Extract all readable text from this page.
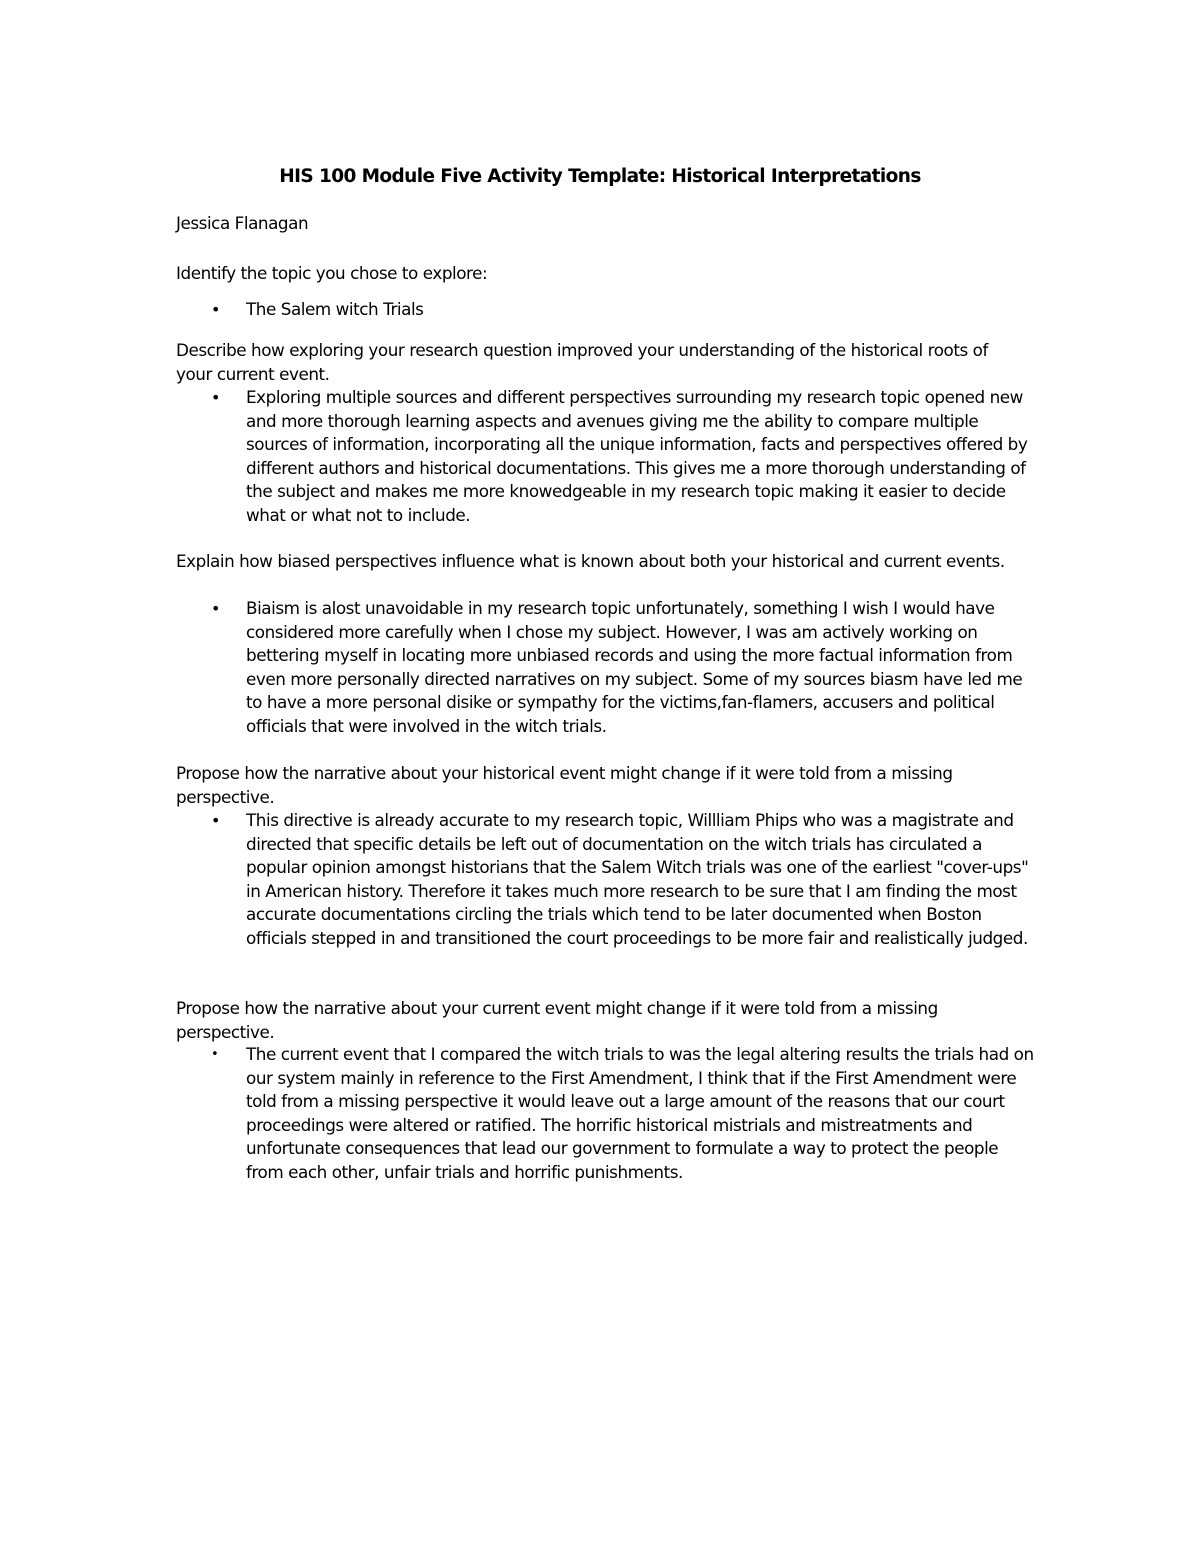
HIS 100 Module Five Activity Template: Historical Interpretations

Jessica Flanagan

Identify the topic you chose to explore:

• The Salem witch Trials

Describe how exploring your research question improved your understanding of the historical roots of your current event.

• Exploring multiple sources and different perspectives surrounding my research topic opened new and more thorough learning aspects and avenues giving me the ability to compare multiple sources of information, incorporating all the unique information, facts and perspectives offered by different authors and historical documentations. This gives me a more thorough understanding of the subject and makes me more knowedgeable in my research topic making it easier to decide what or what not to include.

Explain how biased perspectives influence what is known about both your historical and current events.

• Biaism is alost unavoidable in my research topic unfortunately, something I wish I would have considered more carefully when I chose my subject. However, I was am actively working on bettering myself in locating more unbiased records and using the more factual information from even more personally directed narratives on my subject. Some of my sources biasm have led me to have a more personal disike or sympathy for the victims,fan-flamers, accusers and political officials that were involved in the witch trials.

Propose how the narrative about your historical event might change if it were told from a missing perspective.

• This directive is already accurate to my research topic, Willliam Phips who was a magistrate and directed that specific details be left out of documentation on the witch trials has circulated a popular opinion amongst historians that the Salem Witch trials was one of the earliest "cover-ups" in American history. Therefore it takes much more research to be sure that I am finding the most accurate documentations circling the trials which tend to be later documented when Boston officials stepped in and transitioned the court proceedings to be more fair and realistically judged.

Propose how the narrative about your current event might change if it were told from a missing perspective.

• The current event that I compared the witch trials to was the legal altering results the trials had on our system mainly in reference to the First Amendment, I think that if the First Amendment were told from a missing perspective it would leave out a large amount of the reasons that our court proceedings were altered or ratified. The horrific historical mistrials and mistreatments and unfortunate consequences that lead our government to formulate a way to protect the people from each other, unfair trials and horrific punishments.
